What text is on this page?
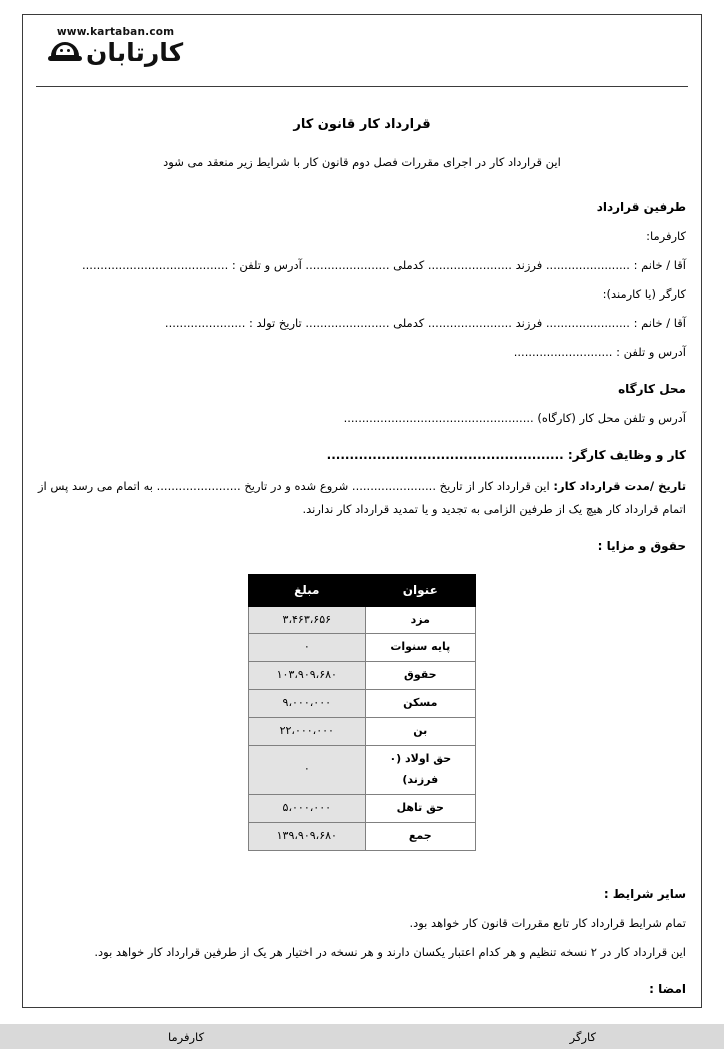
www.kartaban.com
کارتابان
قرارداد کار قانون کار

این قرارداد کار در اجرای مقررات فصل دوم قانون کار با شرایط زیر منعقد می شود

طرفین قرارداد
کارفرما:
آقا / خانم : ....................... فرزند ....................... کدملی ....................... آدرس و تلفن : ........................................
کارگر (یا کارمند):
آقا / خانم : ....................... فرزند ....................... کدملی ....................... تاریخ تولد : ......................
آدرس و تلفن : ...........................
محل کارگاه
آدرس و تلفن محل کار (کارگاه) ....................................................
کار و وظایف کارگر: ....................................................
تاریخ /مدت قرارداد کار: این قرارداد کار از تاریخ ....................... شروع شده و در تاریخ ....................... به اتمام می رسد پس از اتمام قرارداد کار هیچ یک از طرفین الزامی به تجدید و یا تمدید قرارداد کار ندارند.
حقوق و مزایا :
عنوان	مبلغ
مزد	۳،۴۶۳،۶۵۶
پایه سنوات	۰
حقوق	۱۰۳،۹۰۹،۶۸۰
مسکن	۹،۰۰۰،۰۰۰
بن	۲۲،۰۰۰،۰۰۰
حق اولاد (۰ فرزند)	۰
حق تاهل	۵،۰۰۰،۰۰۰
جمع	۱۳۹،۹۰۹،۶۸۰
سایر شرایط :
تمام شرایط قرارداد کار تابع مقررات قانون کار خواهد بود.
این قرارداد کار در ۲ نسخه تنظیم و هر کدام اعتبار یکسان دارند و هر نسخه در اختیار هر یک از طرفین قرارداد کار خواهد بود.
امضا :
کارگر
کارفرما
